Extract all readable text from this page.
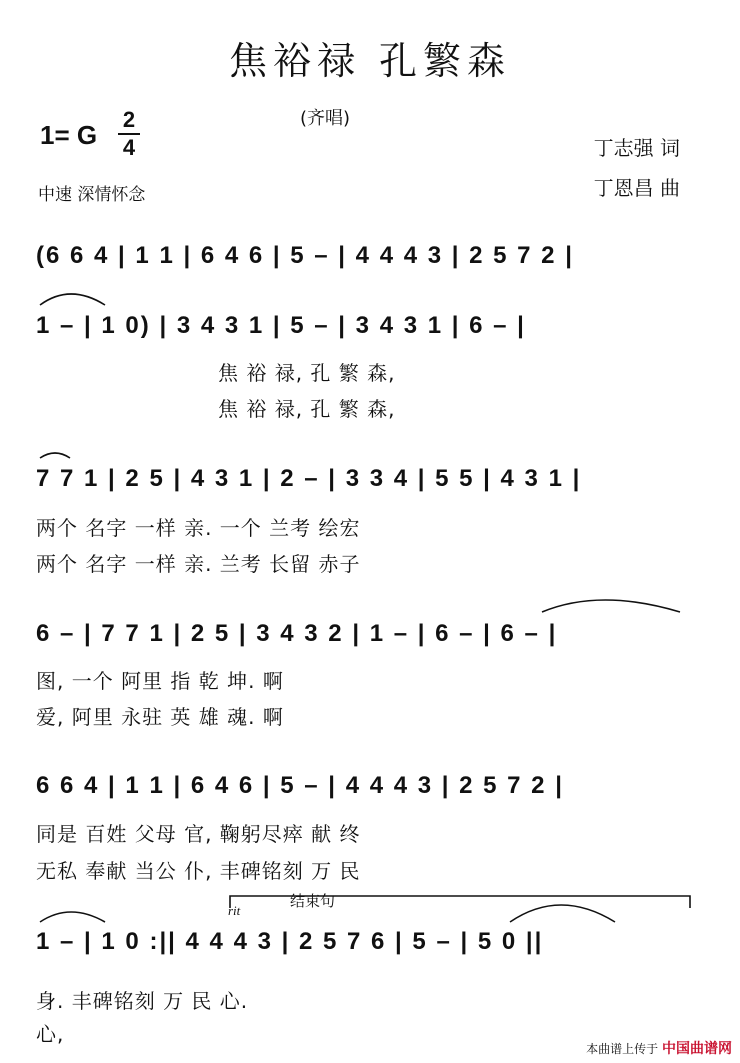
焦裕禄 孔繁森
(齐唱)
1= G
2
4
中速 深情怀念
丁志强 词
丁恩昌 曲
(6 6 4 | 1 1 | 6 4 6 | 5 – | 4 4 4 3 | 2 5 7 2 |
1 – | 1 0) | 3 4 3 1 | 5 – | 3 4 3 1 | 6 – |
焦 裕 禄, 孔 繁 森,
焦 裕 禄, 孔 繁 森,
7 7 1 | 2 5 | 4 3 1 | 2 – | 3 3 4 | 5 5 | 4 3 1 |
两个 名字 一样 亲. 一个 兰考 绘宏
两个 名字 一样 亲. 兰考 长留 赤子
6 – | 7 7 1 | 2 5 | 3 4 3 2 | 1 – | 6 – | 6 – |
图, 一个 阿里 指 乾 坤. 啊
爱, 阿里 永驻 英 雄 魂. 啊
6 6 4 | 1 1 | 6 4 6 | 5 – | 4 4 4 3 | 2 5 7 2 |
同是 百姓 父母 官, 鞠躬尽瘁 献 终
无私 奉献 当公 仆, 丰碑铭刻 万 民
rit
结束句
1 – | 1 0 :|| 4 4 4 3 | 2 5 7 6 | 5 – | 5 0 ||
身. 丰碑铭刻 万 民 心.
心,
本曲谱上传于 中国曲谱网
